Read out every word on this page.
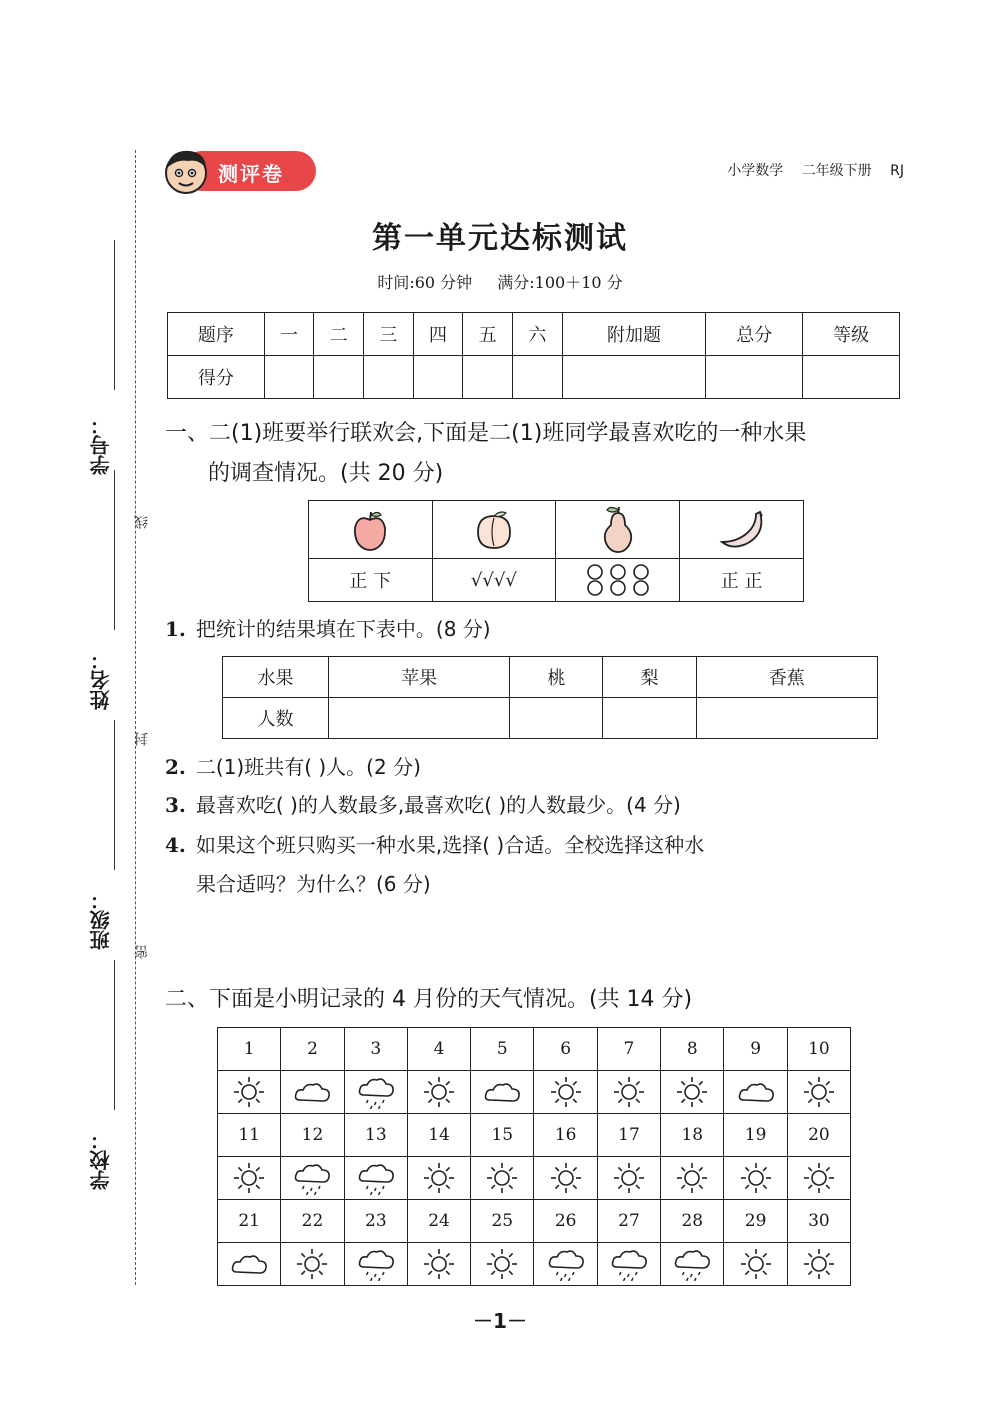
学号：
线
姓名：
封
班级：
密
学校：
测评卷	小学数学 二年级下册 RJ
第一单元达标测试
时间:60 分钟 满分:100＋10 分
题序	一	二	三	四	五	六	附加题	总分	等级
得分									
一、二(1)班要举行联欢会,下面是二(1)班同学最喜欢吃的一种水果
的调查情况。(共 20 分)

正 下	√√√√		正 正
1. 把统计的结果填在下表中。(8 分)
水果	苹果	桃	梨	香蕉
人数				
2. 二(1)班共有( )人。(2 分)
3. 最喜欢吃( )的人数最多,最喜欢吃( )的人数最少。(4 分)
4. 如果这个班只购买一种水果,选择( )合适。全校选择这种水
果合适吗？为什么？(6 分)
二、下面是小明记录的 4 月份的天气情况。(共 14 分)
1	2	3	4	5	6	7	8	9	10

11	12	13	14	15	16	17	18	19	20

21	22	23	24	25	26	27	28	29	30

－1－
